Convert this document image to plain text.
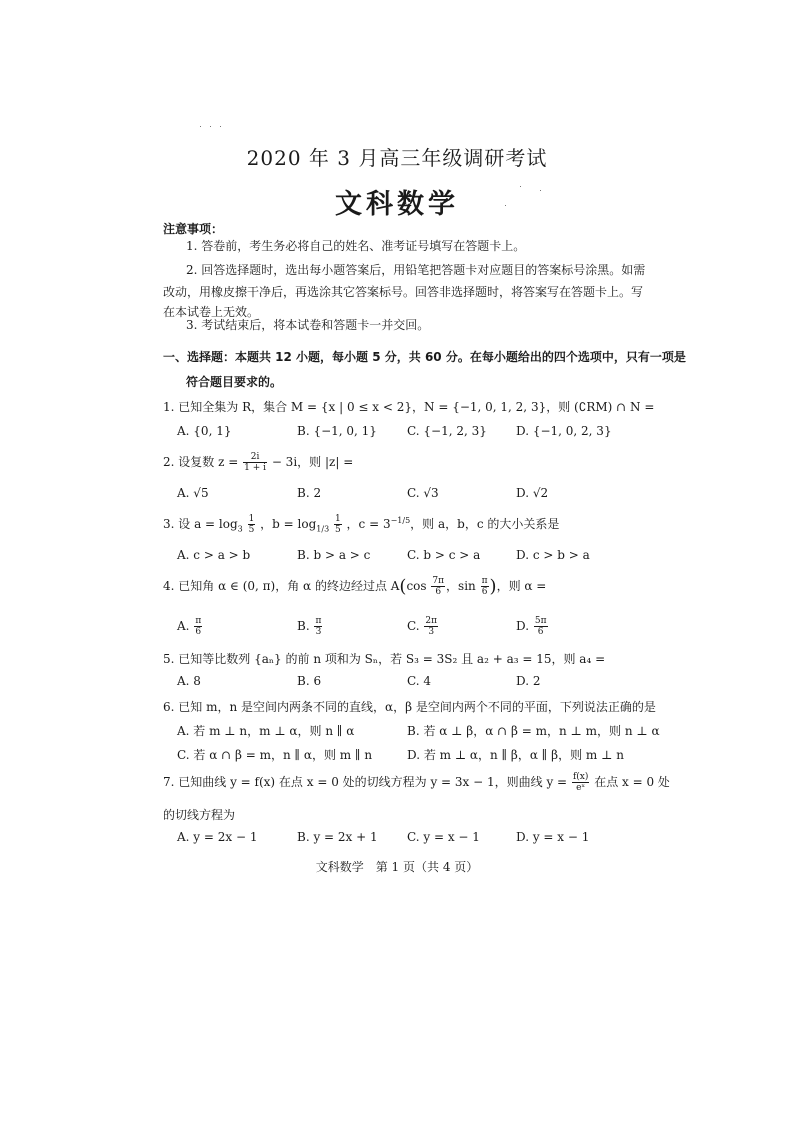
2020 年 3 月高三年级调研考试
文科数学
注意事项：
1. 答卷前，考生务必将自己的姓名、准考证号填写在答题卡上。
2. 回答选择题时，选出每小题答案后，用铅笔把答题卡对应题目的答案标号涂黑。如需
改动，用橡皮擦干净后，再选涂其它答案标号。回答非选择题时，将答案写在答题卡上。写
在本试卷上无效。
3. 考试结束后，将本试卷和答题卡一并交回。
一、选择题：本题共 12 小题，每小题 5 分，共 60 分。在每小题给出的四个选项中，只有一项是
符合题目要求的。
1. 已知全集为 R，集合 M = {x | 0 ≤ x < 2}，N = {−1, 0, 1, 2, 3}，则 (∁RM) ∩ N =
A. {0, 1}	B. {−1, 0, 1}	C. {−1, 2, 3} D. {−1, 0, 2, 3}
2. 设复数 $z = \frac{2i}{1 + i} - 3i$，则 |z| =
A. √5	B. 2	C. √3	D. √2
3. 设 $a = \log_3 \frac{1}{5}$ ，$b = \log_{1/3} \frac{1}{5}$ ，$c = 3^{-1/5}$，则 a，b，c 的大小关系是
A. c > a > b	B. b > a > c	C. b > c > a	D. c > b > a
4. 已知角 α ∈ (0, π)，角 α 的终边经过点 $A(\cos \frac{7\pi}{6}$ ，$\sin \frac{\pi}{6}$ )，则 α =
A. $\frac{\pi}{6}$	B. $\frac{\pi}{3}$	C. $\frac{2\pi}{3}$	D. $\frac{5\pi}{6}$
5. 已知等比数列 {aₙ} 的前 n 项和为 Sₙ，若 S₃ = 3S₂ 且 a₂ + a₃ = 15，则 a₄ =
A. 8	B. 6	C. 4	D. 2
6. 已知 m，n 是空间内两条不同的直线，α，β 是空间内两个不同的平面，下列说法正确的是
A. 若 m ⊥ n，m ⊥ α，则 n ∥ α	B. 若 α ⊥ β，α ∩ β = m，n ⊥ m，则 n ⊥ α
C. 若 α ∩ β = m，n ∥ α，则 m ∥ n	D. 若 m ⊥ α，n ∥ β，α ∥ β，则 m ⊥ n
7. 已知曲线 y = f(x) 在点 x = 0 处的切线方程为 y = 3x − 1，则曲线 $y = \frac{f(x)}{\text{eˣ}}$ 在点 x = 0 处
的切线方程为
A. y = 2x − 1	B. y = 2x + 1 C. y = x − 1	D. y = x − 1
文科数学　第 1 页（共 4 页）
